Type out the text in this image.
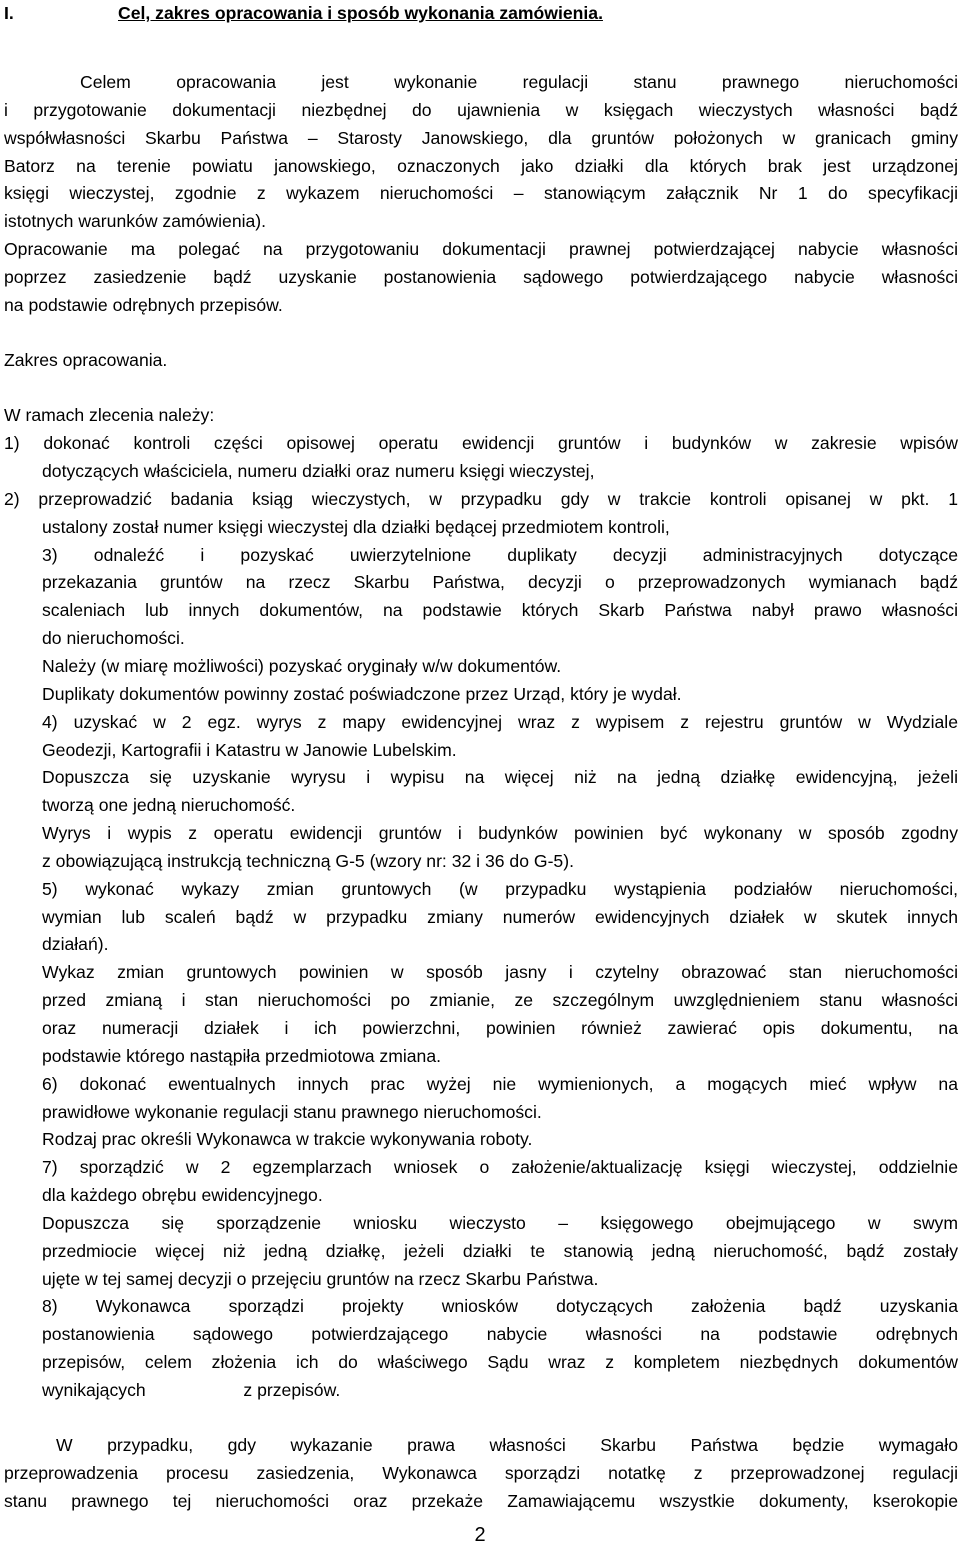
I.	Cel, zakres opracowania i sposób wykonania zamówienia.
Celem opracowania jest wykonanie regulacji stanu prawnego nieruchomości
i przygotowanie dokumentacji niezbędnej do ujawnienia w księgach wieczystych własności bądź
współwłasności Skarbu Państwa – Starosty Janowskiego, dla gruntów położonych w granicach gminy
Batorz na terenie powiatu janowskiego, oznaczonych jako działki dla których brak jest urządzonej
księgi wieczystej, zgodnie z wykazem nieruchomości – stanowiącym załącznik Nr 1 do specyfikacji
istotnych warunków zamówienia).
Opracowanie ma polegać na przygotowaniu dokumentacji prawnej potwierdzającej nabycie własności
poprzez zasiedzenie bądź uzyskanie postanowienia sądowego potwierdzającego nabycie własności
na podstawie odrębnych przepisów.
Zakres opracowania.
W ramach zlecenia należy:
1) dokonać kontroli części opisowej operatu ewidencji gruntów i budynków w zakresie wpisów
dotyczących właściciela, numeru działki oraz numeru księgi wieczystej,
2) przeprowadzić badania ksiąg wieczystych, w przypadku gdy w trakcie kontroli opisanej w pkt. 1
ustalony został numer księgi wieczystej dla działki będącej przedmiotem kontroli,
3) odnaleźć i pozyskać uwierzytelnione duplikaty decyzji administracyjnych dotyczące
przekazania gruntów na rzecz Skarbu Państwa, decyzji o przeprowadzonych wymianach bądź
scaleniach lub innych dokumentów, na podstawie których Skarb Państwa nabył prawo własności
do nieruchomości.
Należy (w miarę możliwości) pozyskać oryginały w/w dokumentów.
Duplikaty dokumentów powinny zostać poświadczone przez Urząd, który je wydał.
4) uzyskać w 2 egz. wyrys z mapy ewidencyjnej wraz z wypisem z rejestru gruntów w Wydziale
Geodezji, Kartografii i Katastru w Janowie Lubelskim.
Dopuszcza się uzyskanie wyrysu i wypisu na więcej niż na jedną działkę ewidencyjną, jeżeli
tworzą one jedną nieruchomość.
Wyrys i wypis z operatu ewidencji gruntów i budynków powinien być wykonany w sposób zgodny
z obowiązującą instrukcją techniczną G-5 (wzory nr: 32 i 36 do G-5).
5) wykonać wykazy zmian gruntowych (w przypadku wystąpienia podziałów nieruchomości,
wymian lub scaleń bądź w przypadku zmiany numerów ewidencyjnych działek w skutek innych
działań).
Wykaz zmian gruntowych powinien w sposób jasny i czytelny obrazować stan nieruchomości
przed zmianą i stan nieruchomości po zmianie, ze szczególnym uwzględnieniem stanu własności
oraz numeracji działek i ich powierzchni, powinien również zawierać opis dokumentu, na
podstawie którego nastąpiła przedmiotowa zmiana.
6) dokonać ewentualnych innych prac wyżej nie wymienionych, a mogących mieć wpływ na
prawidłowe wykonanie regulacji stanu prawnego nieruchomości.
Rodzaj prac określi Wykonawca w trakcie wykonywania roboty.
7) sporządzić w 2 egzemplarzach wniosek o założenie/aktualizację księgi wieczystej, oddzielnie
dla każdego obrębu ewidencyjnego.
Dopuszcza się sporządzenie wniosku wieczysto – księgowego obejmującego w swym
przedmiocie więcej niż jedną działkę, jeżeli działki te stanowią jedną nieruchomość, bądź zostały
ujęte w tej samej decyzji o przejęciu gruntów na rzecz Skarbu Państwa.
8) Wykonawca sporządzi projekty wniosków dotyczących założenia bądź uzyskania
postanowienia sądowego potwierdzającego nabycie własności na podstawie odrębnych
przepisów, celem złożenia ich do właściwego Sądu wraz z kompletem niezbędnych dokumentów
wynikających                    z przepisów.
W przypadku, gdy wykazanie prawa własności Skarbu Państwa będzie wymagało
przeprowadzenia procesu zasiedzenia, Wykonawca sporządzi notatkę z przeprowadzonej regulacji
stanu prawnego tej nieruchomości oraz przekaże Zamawiającemu wszystkie dokumenty, kserokopie
2
